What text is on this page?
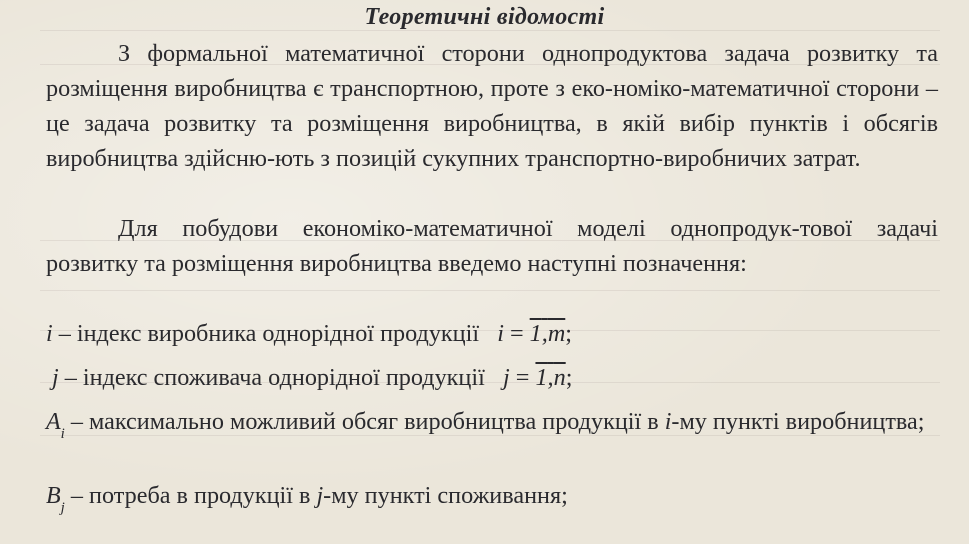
Теоретичні відомості

З формальної математичної сторони однопродуктова задача розвитку та розміщення виробництва є транспортною, проте з еко-номіко-математичної сторони – це задача розвитку та розміщення виробництва, в якій вибір пунктів і обсягів виробництва здійсню-ють з позицій сукупних транспортно-виробничих затрат.

Для побудови економіко-математичної моделі однопродук-тової задачі розвитку та розміщення виробництва введемо наступні позначення:

i – індекс виробника однорідної продукції   i = 1,m;

j – індекс споживача однорідної продукції   j = 1,n;

$A_i$ – максимально можливий обсяг виробництва продукції в i-му пункті виробництва;

$B_j$ – потреба в продукції в j-му пункті споживання;
